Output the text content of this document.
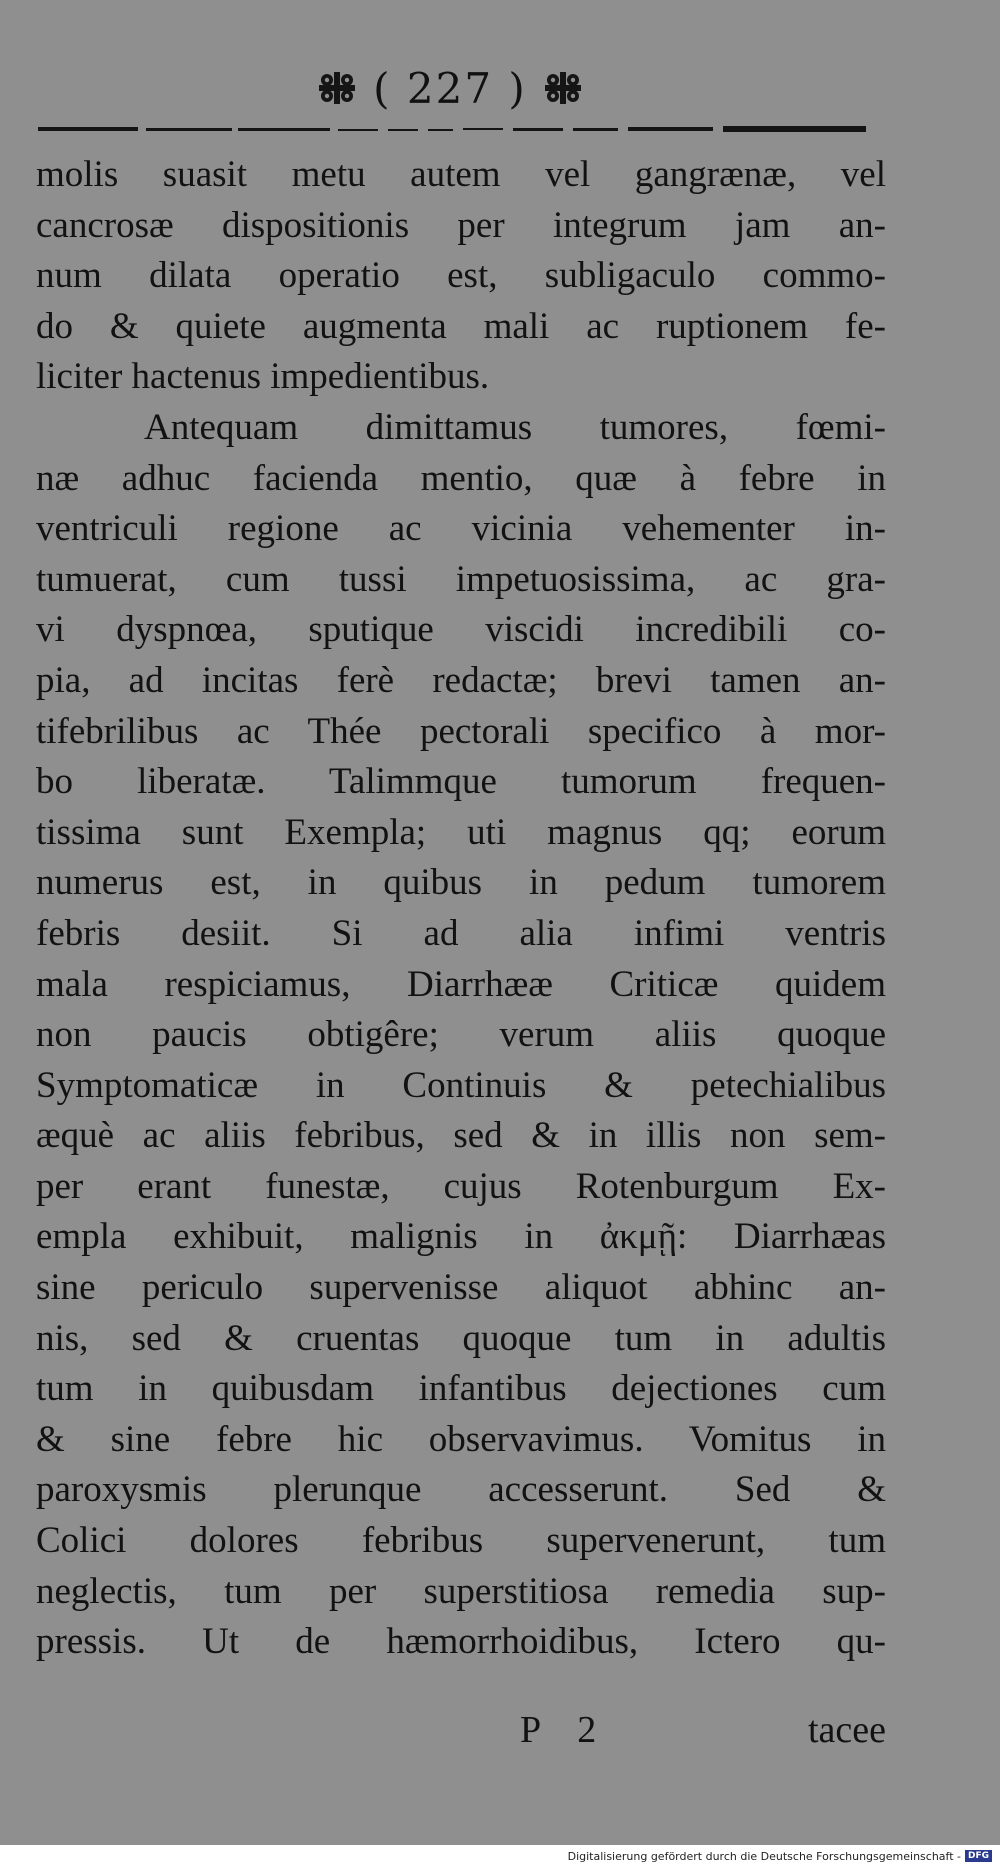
( 227 )
molis suasit metu autem vel gangrænæ, vel
cancrosæ dispositionis per integrum jam an-
num dilata operatio est, subligaculo commo-
do & quiete augmenta mali ac ruptionem fe-
liciter hactenus impedientibus.
Antequam dimittamus tumores, fœmi-
næ adhuc facienda mentio, quæ à febre in
ventriculi regione ac vicinia vehementer in-
tumuerat, cum tussi impetuosissima, ac gra-
vi dyspnœa, sputique viscidi incredibili co-
pia, ad incitas ferè redactæ; brevi tamen an-
tifebrilibus ac Thée pectorali specifico à mor-
bo liberatæ. Talimmque tumorum frequen-
tissima sunt Exempla; uti magnus qq; eorum
numerus est, in quibus in pedum tumorem
febris desiit. Si ad alia infimi ventris
mala respiciamus, Diarrhææ Criticæ quidem
non paucis obtigêre; verum aliis quoque
Symptomaticæ in Continuis & petechialibus
æquè ac aliis febribus, sed & in illis non sem-
per erant funestæ, cujus Rotenburgum Ex-
empla exhibuit, malignis in ἀκμῇ: Diarrhæas
sine periculo supervenisse aliquot abhinc an-
nis, sed & cruentas quoque tum in adultis
tum in quibusdam infantibus dejectiones cum
& sine febre hic observavimus. Vomitus in
paroxysmis plerunque accesserunt. Sed &
Colici dolores febribus supervenerunt, tum
neglectis, tum per superstitiosa remedia sup-
pressis. Ut de hæmorrhoidibus, Ictero qu-
P 2	tacee
Digitalisierung gefördert durch die Deutsche Forschungsgemeinschaft - DFG
